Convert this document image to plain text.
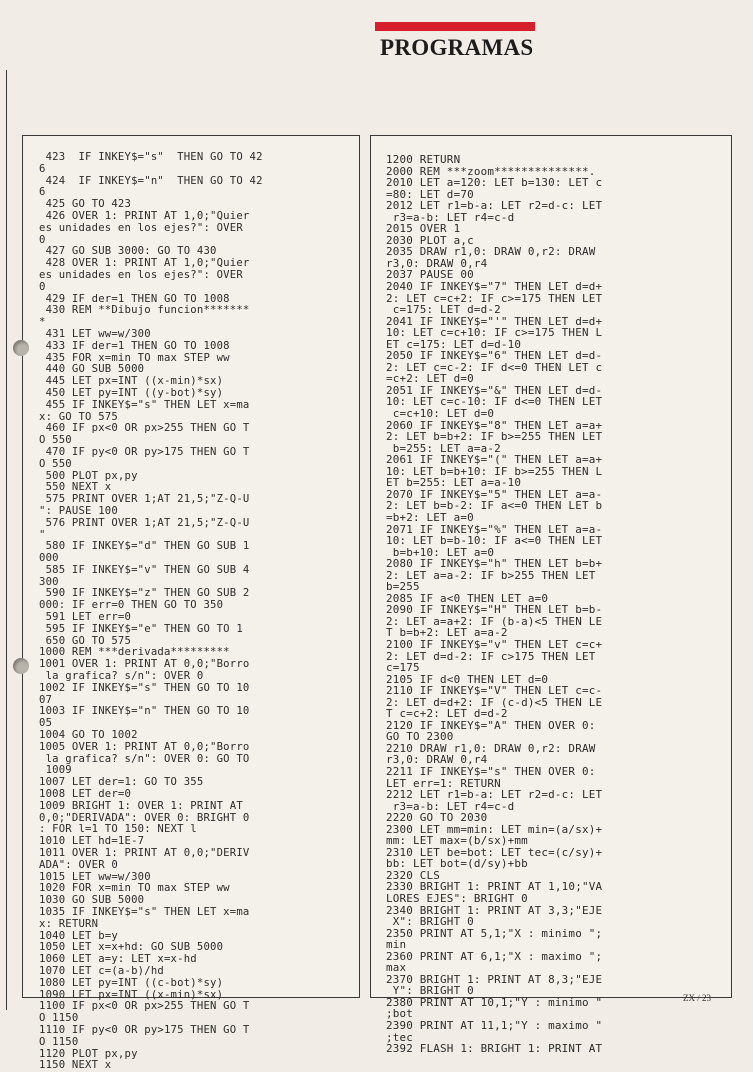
PROGRAMAS
423  IF INKEY$="s"  THEN GO TO 42
6
424  IF INKEY$="n"  THEN GO TO 42
6
425 GO TO 423
426 OVER 1: PRINT AT 1,0;"Quier
es unidades en los ejes?": OVER
0
427 GO SUB 3000: GO TO 430
428 OVER 1: PRINT AT 1,0;"Quier
es unidades en los ejes?": OVER
0
429 IF der=1 THEN GO TO 1008
430 REM **Dibujo funcion*******
*
431 LET ww=w/300
433 IF der=1 THEN GO TO 1008
435 FOR x=min TO max STEP ww
440 GO SUB 5000
445 LET px=INT ((x-min)*sx)
450 LET py=INT ((y-bot)*sy)
455 IF INKEY$="s" THEN LET x=ma
x: GO TO 575
460 IF px<0 OR px>255 THEN GO T
O 550
470 IF py<0 OR py>175 THEN GO T
O 550
500 PLOT px,py
550 NEXT x
575 PRINT OVER 1;AT 21,5;"Z-Q-U
": PAUSE 100
576 PRINT OVER 1;AT 21,5;"Z-Q-U
"
580 IF INKEY$="d" THEN GO SUB 1
000
585 IF INKEY$="v" THEN GO SUB 4
300
590 IF INKEY$="z" THEN GO SUB 2
000: IF err=0 THEN GO TO 350
591 LET err=0
595 IF INKEY$="e" THEN GO TO 1
650 GO TO 575
1000 REM ***derivada*********
1001 OVER 1: PRINT AT 0,0;"Borro
la grafica? s/n": OVER 0
1002 IF INKEY$="s" THEN GO TO 10
07
1003 IF INKEY$="n" THEN GO TO 10
05
1004 GO TO 1002
1005 OVER 1: PRINT AT 0,0;"Borro
la grafica? s/n": OVER 0: GO TO
1009
1007 LET der=1: GO TO 355
1008 LET der=0
1009 BRIGHT 1: OVER 1: PRINT AT
0,0;"DERIVADA": OVER 0: BRIGHT 0
: FOR l=1 TO 150: NEXT l
1010 LET hd=1E-7
1011 OVER 1: PRINT AT 0,0;"DERIV
ADA": OVER 0
1015 LET ww=w/300
1020 FOR x=min TO max STEP ww
1030 GO SUB 5000
1035 IF INKEY$="s" THEN LET x=ma
x: RETURN
1040 LET b=y
1050 LET x=x+hd: GO SUB 5000
1060 LET a=y: LET x=x-hd
1070 LET c=(a-b)/hd
1080 LET py=INT ((c-bot)*sy)
1090 LET px=INT ((x-min)*sx)
1100 IF px<0 OR px>255 THEN GO T
O 1150
1110 IF py<0 OR py>175 THEN GO T
O 1150
1120 PLOT px,py
1150 NEXT x
1200 RETURN
2000 REM ***zoom**************.
2010 LET a=120: LET b=130: LET c
=80: LET d=70
2012 LET r1=b-a: LET r2=d-c: LET
r3=a-b: LET r4=c-d
2015 OVER 1
2030 PLOT a,c
2035 DRAW r1,0: DRAW 0,r2: DRAW
r3,0: DRAW 0,r4
2037 PAUSE 00
2040 IF INKEY$="7" THEN LET d=d+
2: LET c=c+2: IF c>=175 THEN LET
c=175: LET d=d-2
2041 IF INKEY$="'" THEN LET d=d+
10: LET c=c+10: IF c>=175 THEN L
ET c=175: LET d=d-10
2050 IF INKEY$="6" THEN LET d=d-
2: LET c=c-2: IF d<=0 THEN LET c
=c+2: LET d=0
2051 IF INKEY$="&" THEN LET d=d-
10: LET c=c-10: IF d<=0 THEN LET
c=c+10: LET d=0
2060 IF INKEY$="8" THEN LET a=a+
2: LET b=b+2: IF b>=255 THEN LET
b=255: LET a=a-2
2061 IF INKEY$="(" THEN LET a=a+
10: LET b=b+10: IF b>=255 THEN L
ET b=255: LET a=a-10
2070 IF INKEY$="5" THEN LET a=a-
2: LET b=b-2: IF a<=0 THEN LET b
=b+2: LET a=0
2071 IF INKEY$="%" THEN LET a=a-
10: LET b=b-10: IF a<=0 THEN LET
b=b+10: LET a=0
2080 IF INKEY$="h" THEN LET b=b+
2: LET a=a-2: IF b>255 THEN LET
b=255
2085 IF a<0 THEN LET a=0
2090 IF INKEY$="H" THEN LET b=b-
2: LET a=a+2: IF (b-a)<5 THEN LE
T b=b+2: LET a=a-2
2100 IF INKEY$="v" THEN LET c=c+
2: LET d=d-2: IF c>175 THEN LET
c=175
2105 IF d<0 THEN LET d=0
2110 IF INKEY$="V" THEN LET c=c-
2: LET d=d+2: IF (c-d)<5 THEN LE
T c=c+2: LET d=d-2
2120 IF INKEY$="A" THEN OVER 0:
GO TO 2300
2210 DRAW r1,0: DRAW 0,r2: DRAW
r3,0: DRAW 0,r4
2211 IF INKEY$="s" THEN OVER 0:
LET err=1: RETURN
2212 LET r1=b-a: LET r2=d-c: LET
r3=a-b: LET r4=c-d
2220 GO TO 2030
2300 LET mm=min: LET min=(a/sx)+
mm: LET max=(b/sx)+mm
2310 LET be=bot: LET tec=(c/sy)+
bb: LET bot=(d/sy)+bb
2320 CLS
2330 BRIGHT 1: PRINT AT 1,10;"VA
LORES EJES": BRIGHT 0
2340 BRIGHT 1: PRINT AT 3,3;"EJE
X": BRIGHT 0
2350 PRINT AT 5,1;"X : minimo ";
min
2360 PRINT AT 6,1;"X : maximo ";
max
2370 BRIGHT 1: PRINT AT 8,3;"EJE
Y": BRIGHT 0
2380 PRINT AT 10,1;"Y : minimo "
;bot
2390 PRINT AT 11,1;"Y : maximo "
;tec
2392 FLASH 1: BRIGHT 1: PRINT AT
ZX / 23
